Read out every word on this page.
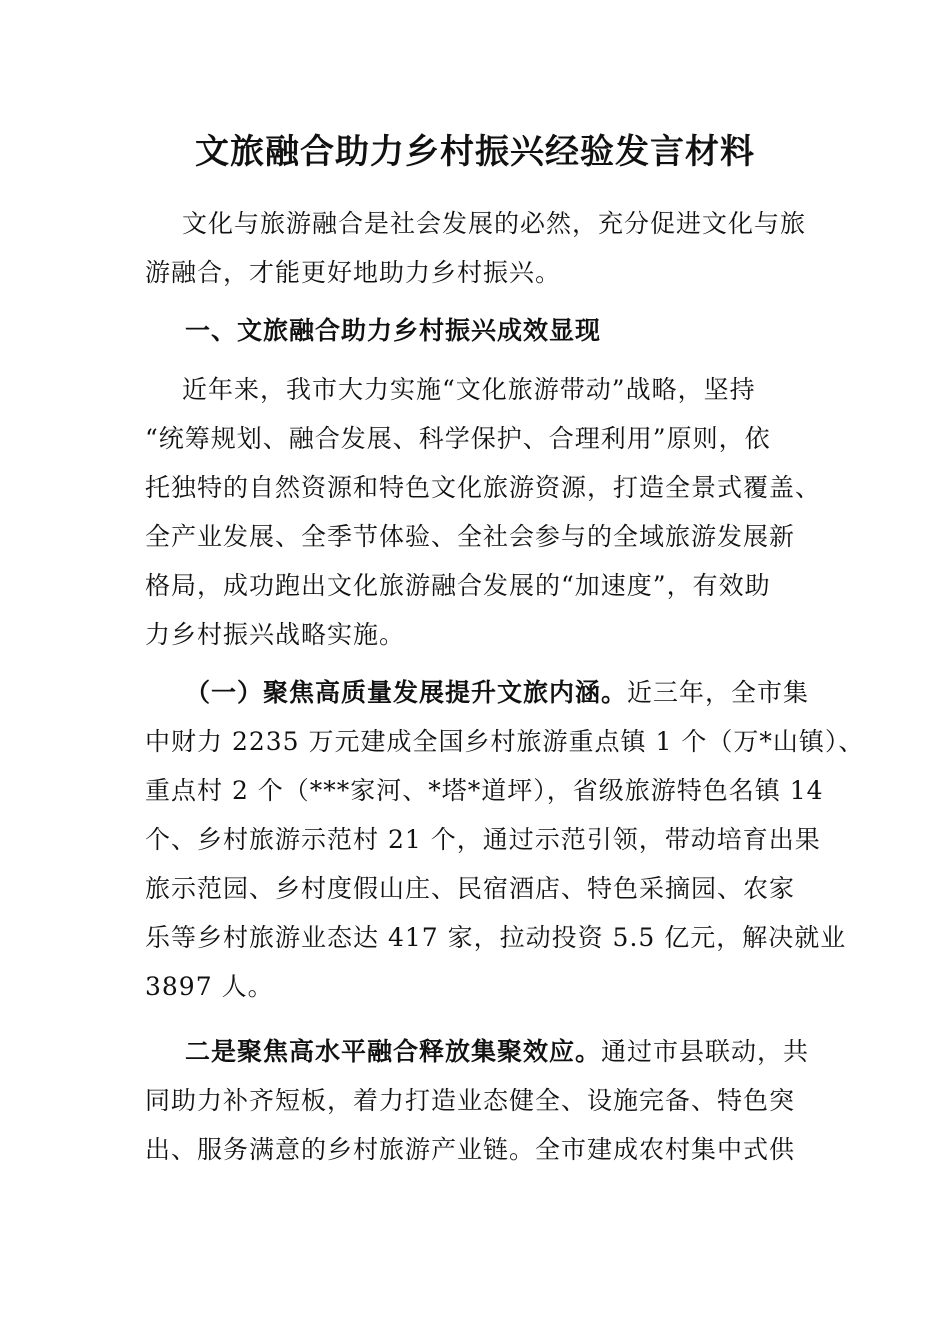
文旅融合助力乡村振兴经验发言材料
文化与旅游融合是社会发展的必然，充分促进文化与旅
游融合，才能更好地助力乡村振兴。
一、文旅融合助力乡村振兴成效显现
近年来，我市大力实施“文化旅游带动”战略，坚持
“统筹规划、融合发展、科学保护、合理利用”原则，依
托独特的自然资源和特色文化旅游资源，打造全景式覆盖、
全产业发展、全季节体验、全社会参与的全域旅游发展新
格局，成功跑出文化旅游融合发展的“加速度”，有效助
力乡村振兴战略实施。
（一）聚焦高质量发展提升文旅内涵。近三年，全市集
中财力 2235 万元建成全国乡村旅游重点镇 1 个（万*山镇）、
重点村 2 个（***家河、*塔*道坪），省级旅游特色名镇 14
个、乡村旅游示范村 21 个，通过示范引领，带动培育出果
旅示范园、乡村度假山庄、民宿酒店、特色采摘园、农家
乐等乡村旅游业态达 417 家，拉动投资 5.5 亿元，解决就业
3897 人。
二是聚焦高水平融合释放集聚效应。通过市县联动，共
同助力补齐短板，着力打造业态健全、设施完备、特色突
出、服务满意的乡村旅游产业链。全市建成农村集中式供
